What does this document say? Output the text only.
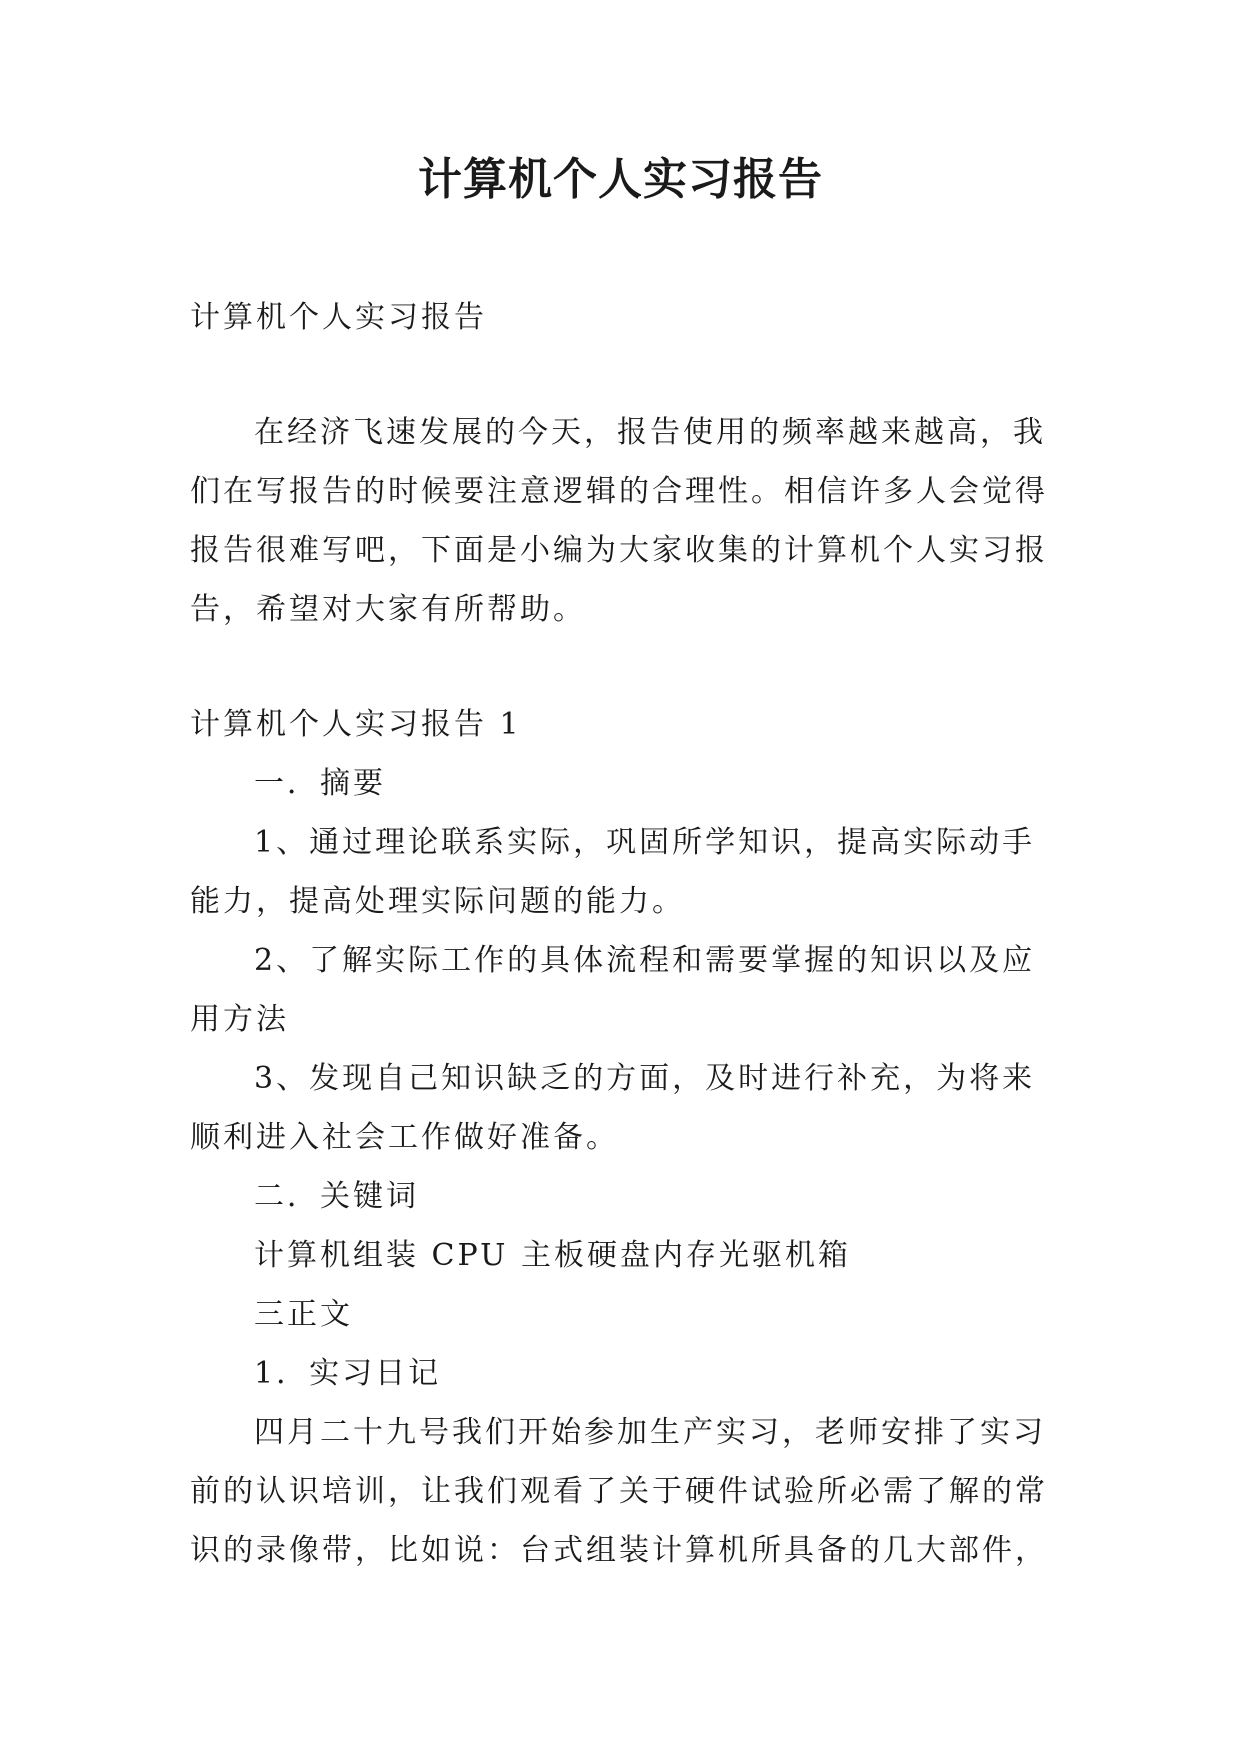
计算机个人实习报告
计算机个人实习报告
在经济飞速发展的今天，报告使用的频率越来越高，我
们在写报告的时候要注意逻辑的合理性。相信许多人会觉得
报告很难写吧，下面是小编为大家收集的计算机个人实习报
告，希望对大家有所帮助。
计算机个人实习报告 1
一．摘要
1、通过理论联系实际，巩固所学知识，提高实际动手
能力，提高处理实际问题的能力。
2、了解实际工作的具体流程和需要掌握的知识以及应
用方法
3、发现自己知识缺乏的方面，及时进行补充，为将来
顺利进入社会工作做好准备。
二．关键词
计算机组装 CPU 主板硬盘内存光驱机箱
三正文
1．实习日记
四月二十九号我们开始参加生产实习，老师安排了实习
前的认识培训，让我们观看了关于硬件试验所必需了解的常
识的录像带，比如说：台式组装计算机所具备的几大部件，
